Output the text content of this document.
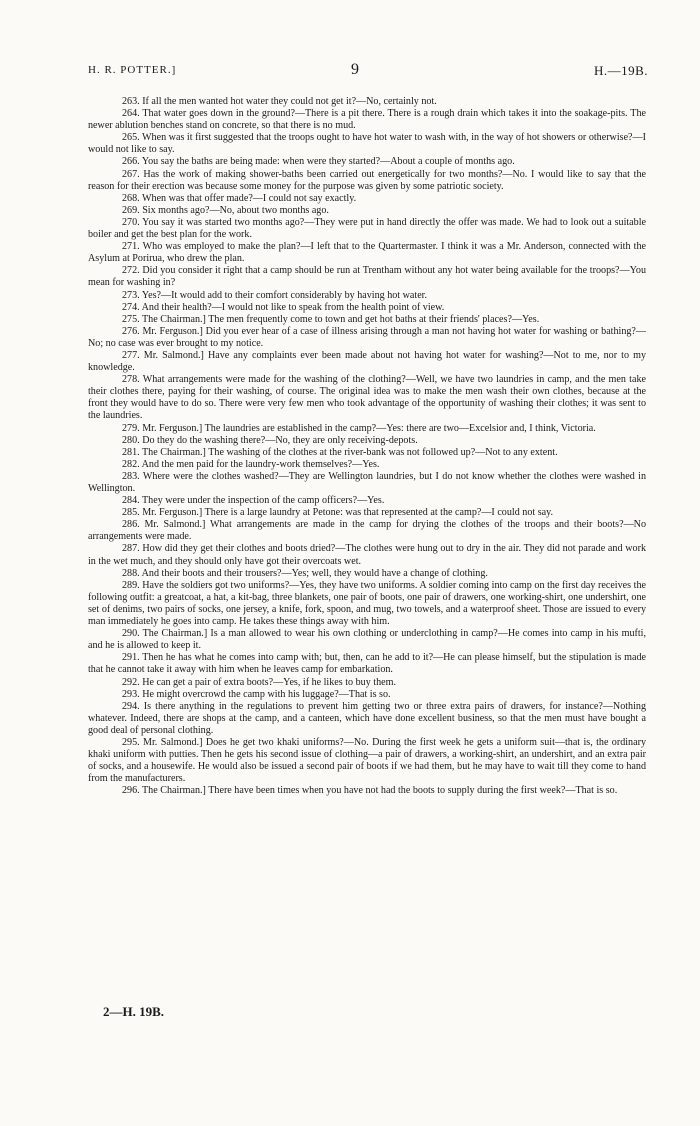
H. R. POTTER.]	9	H.—19B.

263. If all the men wanted hot water they could not get it?—No, certainly not.

264. That water goes down in the ground?—There is a pit there. There is a rough drain which takes it into the soakage-pits. The newer ablution benches stand on concrete, so that there is no mud.

265. When was it first suggested that the troops ought to have hot water to wash with, in the way of hot showers or otherwise?—I would not like to say.

266. You say the baths are being made: when were they started?—About a couple of months ago.

267. Has the work of making shower-baths been carried out energetically for two months?—No. I would like to say that the reason for their erection was because some money for the purpose was given by some patriotic society.

268. When was that offer made?—I could not say exactly.

269. Six months ago?—No, about two months ago.

270. You say it was started two months ago?—They were put in hand directly the offer was made. We had to look out a suitable boiler and get the best plan for the work.

271. Who was employed to make the plan?—I left that to the Quartermaster. I think it was a Mr. Anderson, connected with the Asylum at Porirua, who drew the plan.

272. Did you consider it right that a camp should be run at Trentham without any hot water being available for the troops?—You mean for washing in?

273. Yes?—It would add to their comfort considerably by having hot water.

274. And their health?—I would not like to speak from the health point of view.

275. The Chairman.] The men frequently come to town and get hot baths at their friends' places?—Yes.

276. Mr. Ferguson.] Did you ever hear of a case of illness arising through a man not having hot water for washing or bathing?—No; no case was ever brought to my notice.

277. Mr. Salmond.] Have any complaints ever been made about not having hot water for washing?—Not to me, nor to my knowledge.

278. What arrangements were made for the washing of the clothing?—Well, we have two laundries in camp, and the men take their clothes there, paying for their washing, of course. The original idea was to make the men wash their own clothes, because at the front they would have to do so. There were very few men who took advantage of the opportunity of washing their clothes; it was sent to the laundries.

279. Mr. Ferguson.] The laundries are established in the camp?—Yes: there are two—Excelsior and, I think, Victoria.

280. Do they do the washing there?—No, they are only receiving-depots.

281. The Chairman.] The washing of the clothes at the river-bank was not followed up?—Not to any extent.

282. And the men paid for the laundry-work themselves?—Yes.

283. Where were the clothes washed?—They are Wellington laundries, but I do not know whether the clothes were washed in Wellington.

284. They were under the inspection of the camp officers?—Yes.

285. Mr. Ferguson.] There is a large laundry at Petone: was that represented at the camp?—I could not say.

286. Mr. Salmond.] What arrangements are made in the camp for drying the clothes of the troops and their boots?—No arrangements were made.

287. How did they get their clothes and boots dried?—The clothes were hung out to dry in the air. They did not parade and work in the wet much, and they should only have got their overcoats wet.

288. And their boots and their trousers?—Yes; well, they would have a change of clothing.

289. Have the soldiers got two uniforms?—Yes, they have two uniforms. A soldier coming into camp on the first day receives the following outfit: a greatcoat, a hat, a kit-bag, three blankets, one pair of boots, one pair of drawers, one working-shirt, one undershirt, one set of denims, two pairs of socks, one jersey, a knife, fork, spoon, and mug, two towels, and a waterproof sheet. Those are issued to every man immediately he goes into camp. He takes these things away with him.

290. The Chairman.] Is a man allowed to wear his own clothing or underclothing in camp?—He comes into camp in his mufti, and he is allowed to keep it.

291. Then he has what he comes into camp with; but, then, can he add to it?—He can please himself, but the stipulation is made that he cannot take it away with him when he leaves camp for embarkation.

292. He can get a pair of extra boots?—Yes, if he likes to buy them.

293. He might overcrowd the camp with his luggage?—That is so.

294. Is there anything in the regulations to prevent him getting two or three extra pairs of drawers, for instance?—Nothing whatever. Indeed, there are shops at the camp, and a canteen, which have done excellent business, so that the men must have bought a good deal of personal clothing.

295. Mr. Salmond.] Does he get two khaki uniforms?—No. During the first week he gets a uniform suit—that is, the ordinary khaki uniform with putties. Then he gets his second issue of clothing—a pair of drawers, a working-shirt, an undershirt, and an extra pair of socks, and a housewife. He would also be issued a second pair of boots if we had them, but he may have to wait till they come to hand from the manufacturers.

296. The Chairman.] There have been times when you have not had the boots to supply during the first week?—That is so.

2—H. 19B.
